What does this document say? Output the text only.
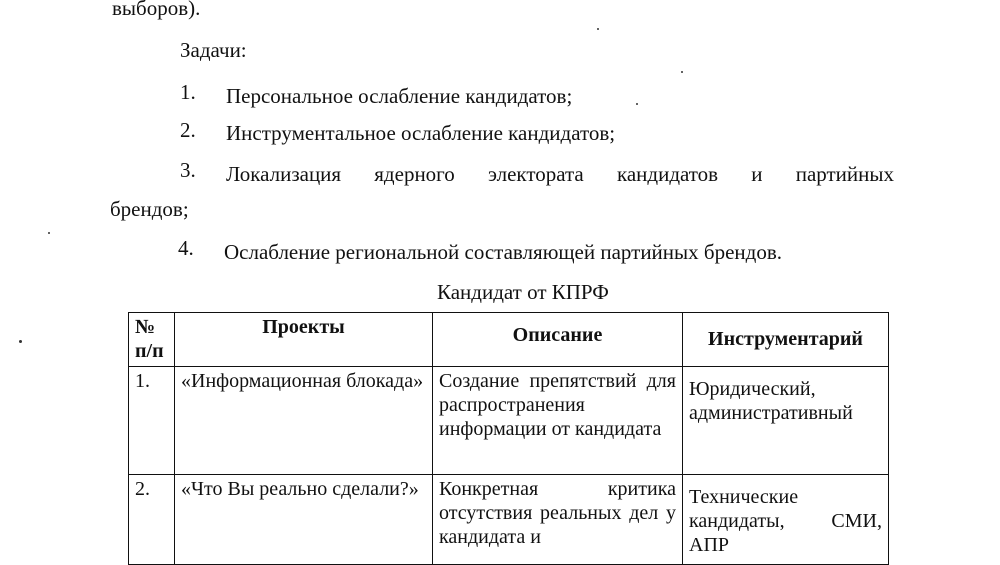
выборов).
Задачи:
1. Персональное ослабление кандидатов;
2. Инструментальное ослабление кандидатов;
3. Локализация ядерного электората кандидатов и партийных
брендов;
4. Ослабление региональной составляющей партийных брендов.
Кандидат от КПРФ
№ п/п	Проекты	Описание	Инструментарий
1.	«Информационная блокада»	Создание препятствий для распространения информации от кандидата	Юридический, административный
2.	«Что Вы реально сделали?»	Конкретная критика отсутствия реальных дел у кандидата и	Технические кандидаты, СМИ, АПР
